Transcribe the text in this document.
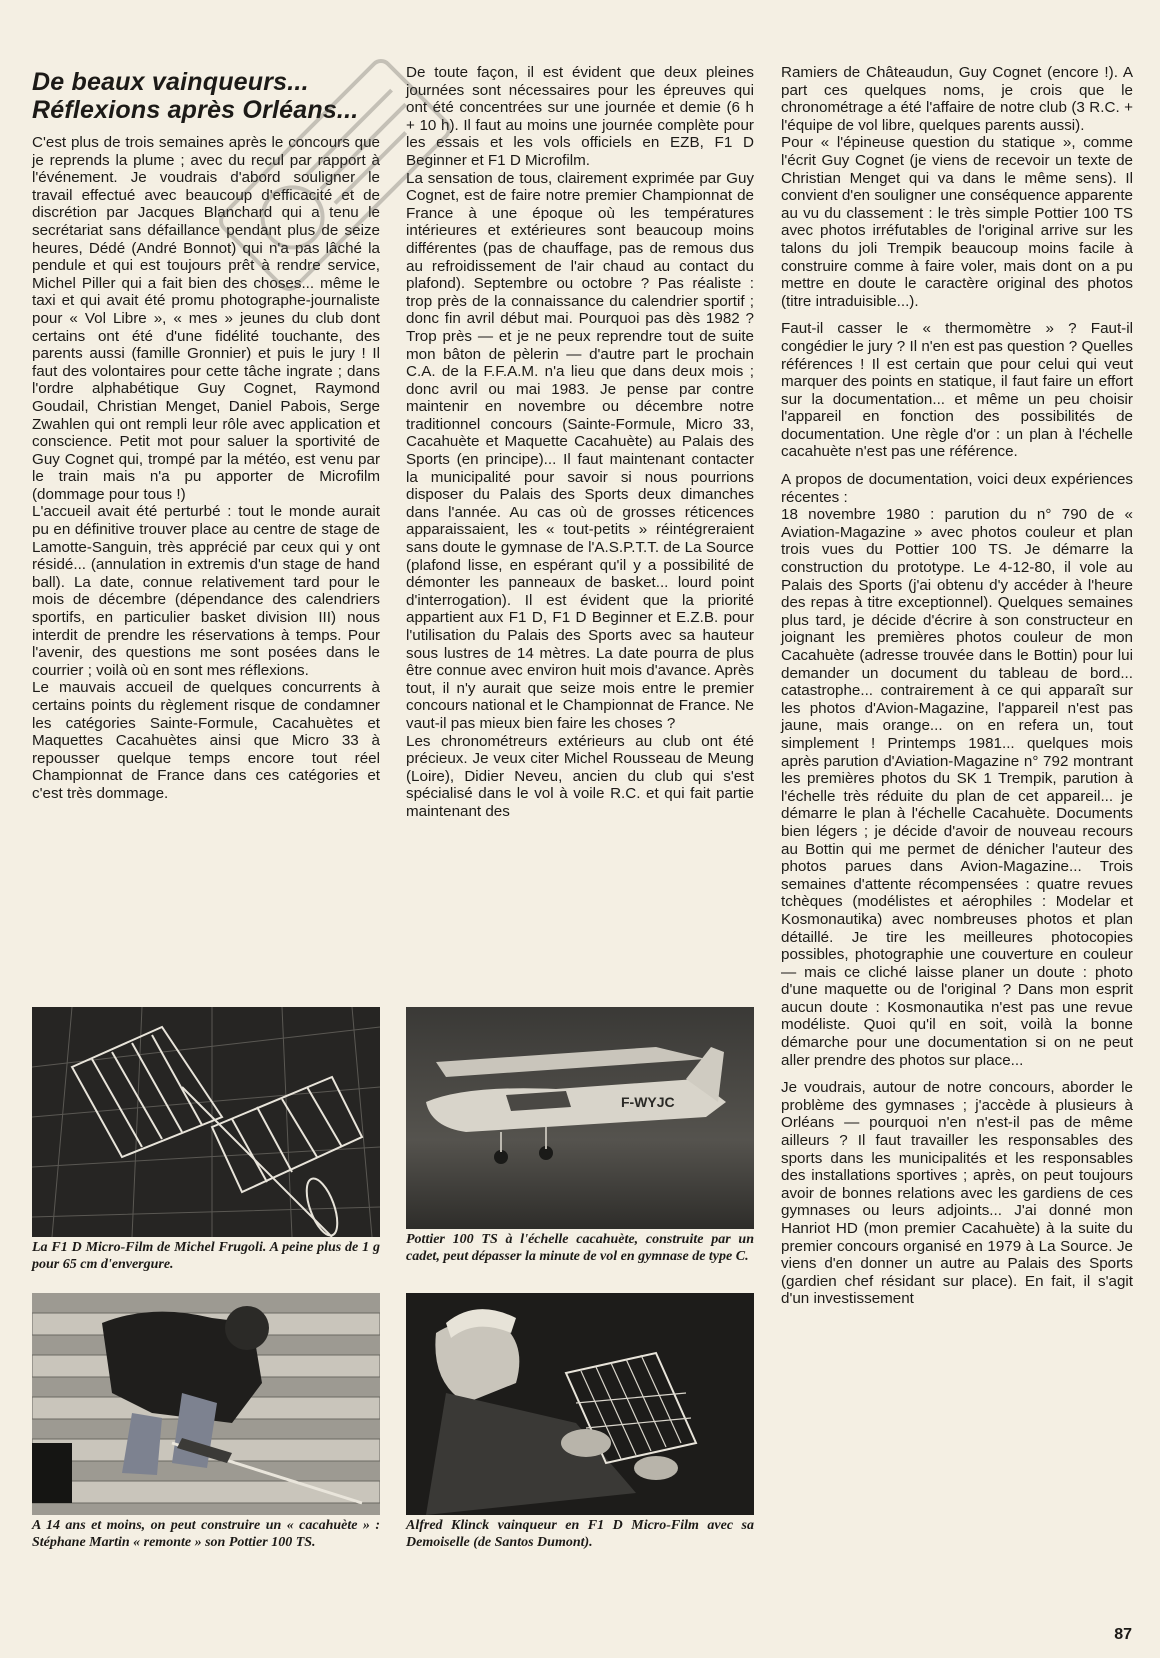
De beaux vainqueurs... Réflexions après Orléans...

C'est plus de trois semaines après le concours que je reprends la plume ; avec du recul par rapport à l'événement. Je voudrais d'abord souligner le travail effectué avec beaucoup d'efficacité et de discrétion par Jacques Blanchard qui a tenu le secrétariat sans défaillance pendant plus de seize heures, Dédé (André Bonnot) qui n'a pas lâché la pendule et qui est toujours prêt à rendre service, Michel Piller qui a fait bien des choses... même le taxi et qui avait été promu photographe-journaliste pour « Vol Libre », « mes » jeunes du club dont certains ont été d'une fidélité touchante, des parents aussi (famille Gronnier) et puis le jury ! Il faut des volontaires pour cette tâche ingrate ; dans l'ordre alphabétique Guy Cognet, Raymond Goudail, Christian Menget, Daniel Pabois, Serge Zwahlen qui ont rempli leur rôle avec application et conscience. Petit mot pour saluer la sportivité de Guy Cognet qui, trompé par la météo, est venu par le train mais n'a pu apporter de Microfilm (dommage pour tous !)

L'accueil avait été perturbé : tout le monde aurait pu en définitive trouver place au centre de stage de Lamotte-Sanguin, très apprécié par ceux qui y ont résidé... (annulation in extremis d'un stage de hand ball). La date, connue relativement tard pour le mois de décembre (dépendance des calendriers sportifs, en particulier basket division III) nous interdit de prendre les réservations à temps. Pour l'avenir, des questions me sont posées dans le courrier ; voilà où en sont mes réflexions.

Le mauvais accueil de quelques concurrents à certains points du règlement risque de condamner les catégories Sainte-Formule, Cacahuètes et Maquettes Cacahuètes ainsi que Micro 33 à repousser quelque temps encore tout réel Championnat de France dans ces catégories et c'est très dommage.

De toute façon, il est évident que deux pleines journées sont nécessaires pour les épreuves qui ont été concentrées sur une journée et demie (6 h + 10 h). Il faut au moins une journée complète pour les essais et les vols officiels en EZB, F1 D Beginner et F1 D Microfilm.

La sensation de tous, clairement exprimée par Guy Cognet, est de faire notre premier Championnat de France à une époque où les températures intérieures et extérieures sont beaucoup moins différentes (pas de chauffage, pas de remous dus au refroidissement de l'air chaud au contact du plafond). Septembre ou octobre ? Pas réaliste : trop près de la connaissance du calendrier sportif ; donc fin avril début mai. Pourquoi pas dès 1982 ? Trop près — et je ne peux reprendre tout de suite mon bâton de pèlerin — d'autre part le prochain C.A. de la F.F.A.M. n'a lieu que dans deux mois ; donc avril ou mai 1983. Je pense par contre maintenir en novembre ou décembre notre traditionnel concours (Sainte-Formule, Micro 33, Cacahuète et Maquette Cacahuète) au Palais des Sports (en principe)... Il faut maintenant contacter la municipalité pour savoir si nous pourrions disposer du Palais des Sports deux dimanches dans l'année. Au cas où de grosses réticences apparaissaient, les « tout-petits » réintégreraient sans doute le gymnase de l'A.S.P.T.T. de La Source (plafond lisse, en espérant qu'il y a possibilité de démonter les panneaux de basket... lourd point d'interrogation). Il est évident que la priorité appartient aux F1 D, F1 D Beginner et E.Z.B. pour l'utilisation du Palais des Sports avec sa hauteur sous lustres de 14 mètres. La date pourra de plus être connue avec environ huit mois d'avance. Après tout, il n'y aurait que seize mois entre le premier concours national et le Championnat de France. Ne vaut-il pas mieux bien faire les choses ?

Les chronométreurs extérieurs au club ont été précieux. Je veux citer Michel Rousseau de Meung (Loire), Didier Neveu, ancien du club qui s'est spécialisé dans le vol à voile R.C. et qui fait partie maintenant des

Ramiers de Châteaudun, Guy Cognet (encore !). A part ces quelques noms, je crois que le chronométrage a été l'affaire de notre club (3 R.C. + l'équipe de vol libre, quelques parents aussi).

Pour « l'épineuse question du statique », comme l'écrit Guy Cognet (je viens de recevoir un texte de Christian Menget qui va dans le même sens). Il convient d'en souligner une conséquence apparente au vu du classement : le très simple Pottier 100 TS avec photos irréfutables de l'original arrive sur les talons du joli Trempik beaucoup moins facile à construire comme à faire voler, mais dont on a pu mettre en doute le caractère original des photos (titre intraduisible...).

Faut-il casser le « thermomètre » ? Faut-il congédier le jury ? Il n'en est pas question ? Quelles références ! Il est certain que pour celui qui veut marquer des points en statique, il faut faire un effort sur la documentation... et même un peu choisir l'appareil en fonction des possibilités de documentation. Une règle d'or : un plan à l'échelle cacahuète n'est pas une référence.

A propos de documentation, voici deux expériences récentes :

18 novembre 1980 : parution du n° 790 de « Aviation-Magazine » avec photos couleur et plan trois vues du Pottier 100 TS. Je démarre la construction du prototype. Le 4-12-80, il vole au Palais des Sports (j'ai obtenu d'y accéder à l'heure des repas à titre exceptionnel). Quelques semaines plus tard, je décide d'écrire à son constructeur en joignant les premières photos couleur de mon Cacahuète (adresse trouvée dans le Bottin) pour lui demander un document du tableau de bord... catastrophe... contrairement à ce qui apparaît sur les photos d'Avion-Magazine, l'appareil n'est pas jaune, mais orange... on en refera un, tout simplement ! Printemps 1981... quelques mois après parution d'Aviation-Magazine n° 792 montrant les premières photos du SK 1 Trempik, parution à l'échelle très réduite du plan de cet appareil... je démarre le plan à l'échelle Cacahuète. Documents bien légers ; je décide d'avoir de nouveau recours au Bottin qui me permet de dénicher l'auteur des photos parues dans Avion-Magazine... Trois semaines d'attente récompensées : quatre revues tchèques (modélistes et aérophiles : Modelar et Kosmonautika) avec nombreuses photos et plan détaillé. Je tire les meilleures photocopies possibles, photographie une couverture en couleur — mais ce cliché laisse planer un doute : photo d'une maquette ou de l'original ? Dans mon esprit aucun doute : Kosmonautika n'est pas une revue modéliste. Quoi qu'il en soit, voilà la bonne démarche pour une documentation si on ne peut aller prendre des photos sur place...

Je voudrais, autour de notre concours, aborder le problème des gymnases ; j'accède à plusieurs à Orléans — pourquoi n'en n'est-il pas de même ailleurs ? Il faut travailler les responsables des sports dans les municipalités et les responsables des installations sportives ; après, on peut toujours avoir de bonnes relations avec les gardiens de ces gymnases ou leurs adjoints... J'ai donné mon Hanriot HD (mon premier Cacahuète) à la suite du premier concours organisé en 1979 à La Source. Je viens d'en donner un autre au Palais des Sports (gardien chef résidant sur place). En fait, il s'agit d'un investissement

La F1 D Micro-Film de Michel Frugoli. A peine plus de 1 g pour 65 cm d'envergure.
F-WYJC
Pottier 100 TS à l'échelle cacahuète, construite par un cadet, peut dépasser la minute de vol en gymnase de type C.
A 14 ans et moins, on peut construire un « cacahuète » : Stéphane Martin « remonte » son Pottier 100 TS.
Alfred Klinck vainqueur en F1 D Micro-Film avec sa Demoiselle (de Santos Dumont).
87
